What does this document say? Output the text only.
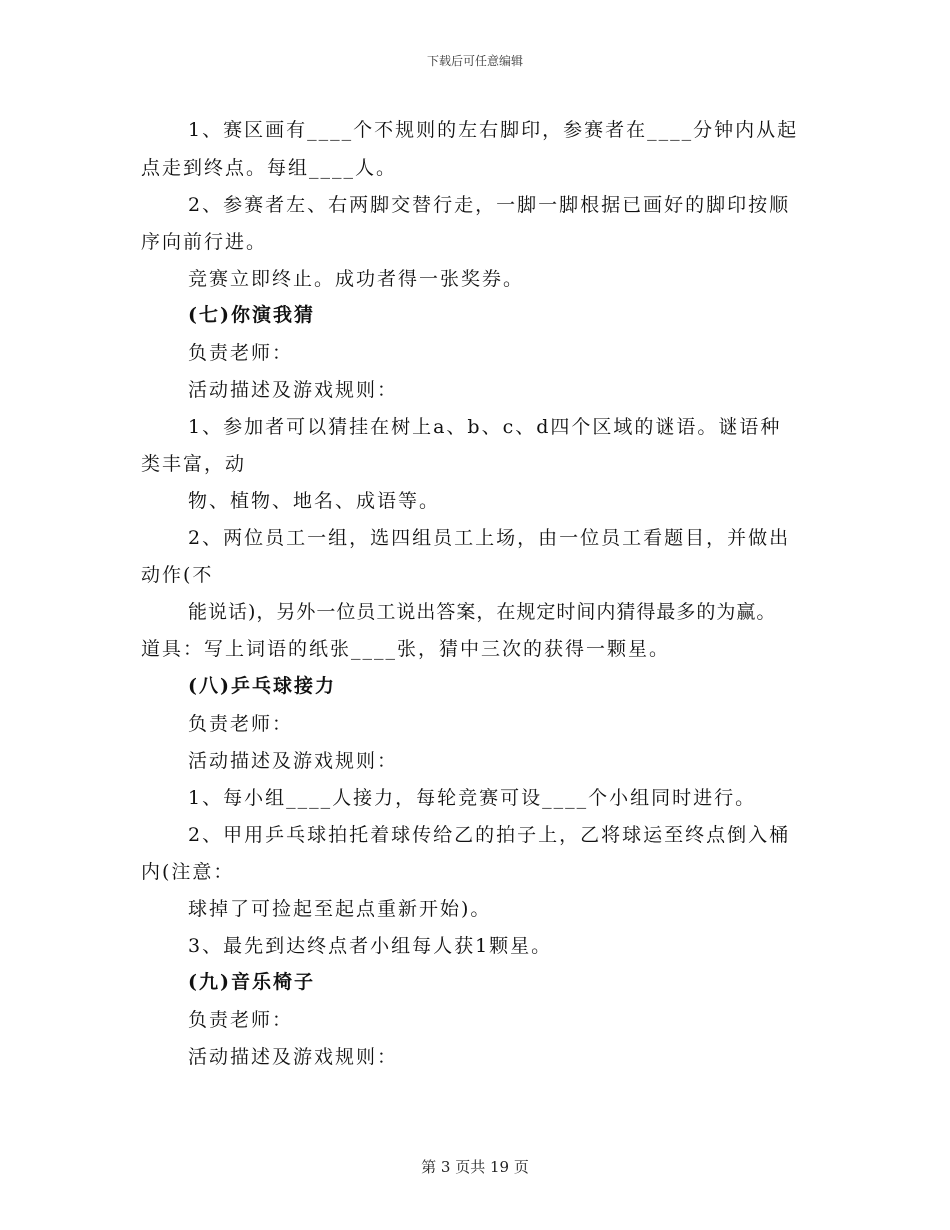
下载后可任意编辑
1、赛区画有____个不规则的左右脚印，参赛者在____分钟内从起
点走到终点。每组____人。
2、参赛者左、右两脚交替行走，一脚一脚根据已画好的脚印按顺
序向前行进。
竞赛立即终止。成功者得一张奖券。
(七)你演我猜
负责老师：
活动描述及游戏规则：
1、参加者可以猜挂在树上a、b、c、d四个区域的谜语。谜语种
类丰富，动
物、植物、地名、成语等。
2、两位员工一组，选四组员工上场，由一位员工看题目，并做出
动作(不
能说话)，另外一位员工说出答案，在规定时间内猜得最多的为赢。
道具：写上词语的纸张____张，猜中三次的获得一颗星。
(八)乒乓球接力
负责老师：
活动描述及游戏规则：
1、每小组____人接力，每轮竞赛可设____个小组同时进行。
2、甲用乒乓球拍托着球传给乙的拍子上，乙将球运至终点倒入桶
内(注意：
球掉了可捡起至起点重新开始)。
3、最先到达终点者小组每人获1颗星。
(九)音乐椅子
负责老师：
活动描述及游戏规则：
第 3 页共 19 页
